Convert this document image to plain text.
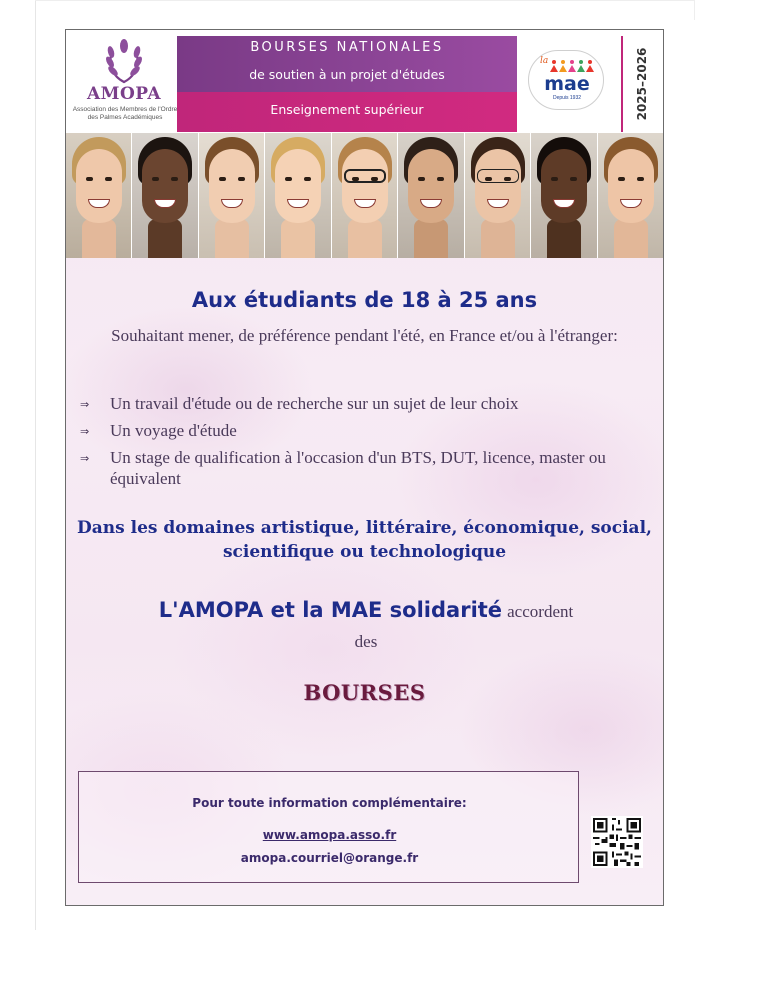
AMOPA
Association des Membres de l'Ordre des Palmes Académiques
BOURSES NATIONALES
de soutien à un projet d'études
Enseignement supérieur
la
mae
Depuis 1932	2025–2026
Aux étudiants de 18 à 25 ans
Souhaitant mener, de préférence pendant l'été, en France et/ou à l'étranger:
⇒ Un travail d'étude ou de recherche sur un sujet de leur choix
⇒ Un voyage d'étude
⇒ Un stage de qualification à l'occasion d'un BTS, DUT, licence, master ou équivalent
Dans les domaines artistique, littéraire, économique, social, scientifique ou technologique
L'AMOPA et la MAE solidarité accordent
des
BOURSES
Pour toute information complémentaire:
www.amopa.asso.fr
amopa.courriel@orange.fr
